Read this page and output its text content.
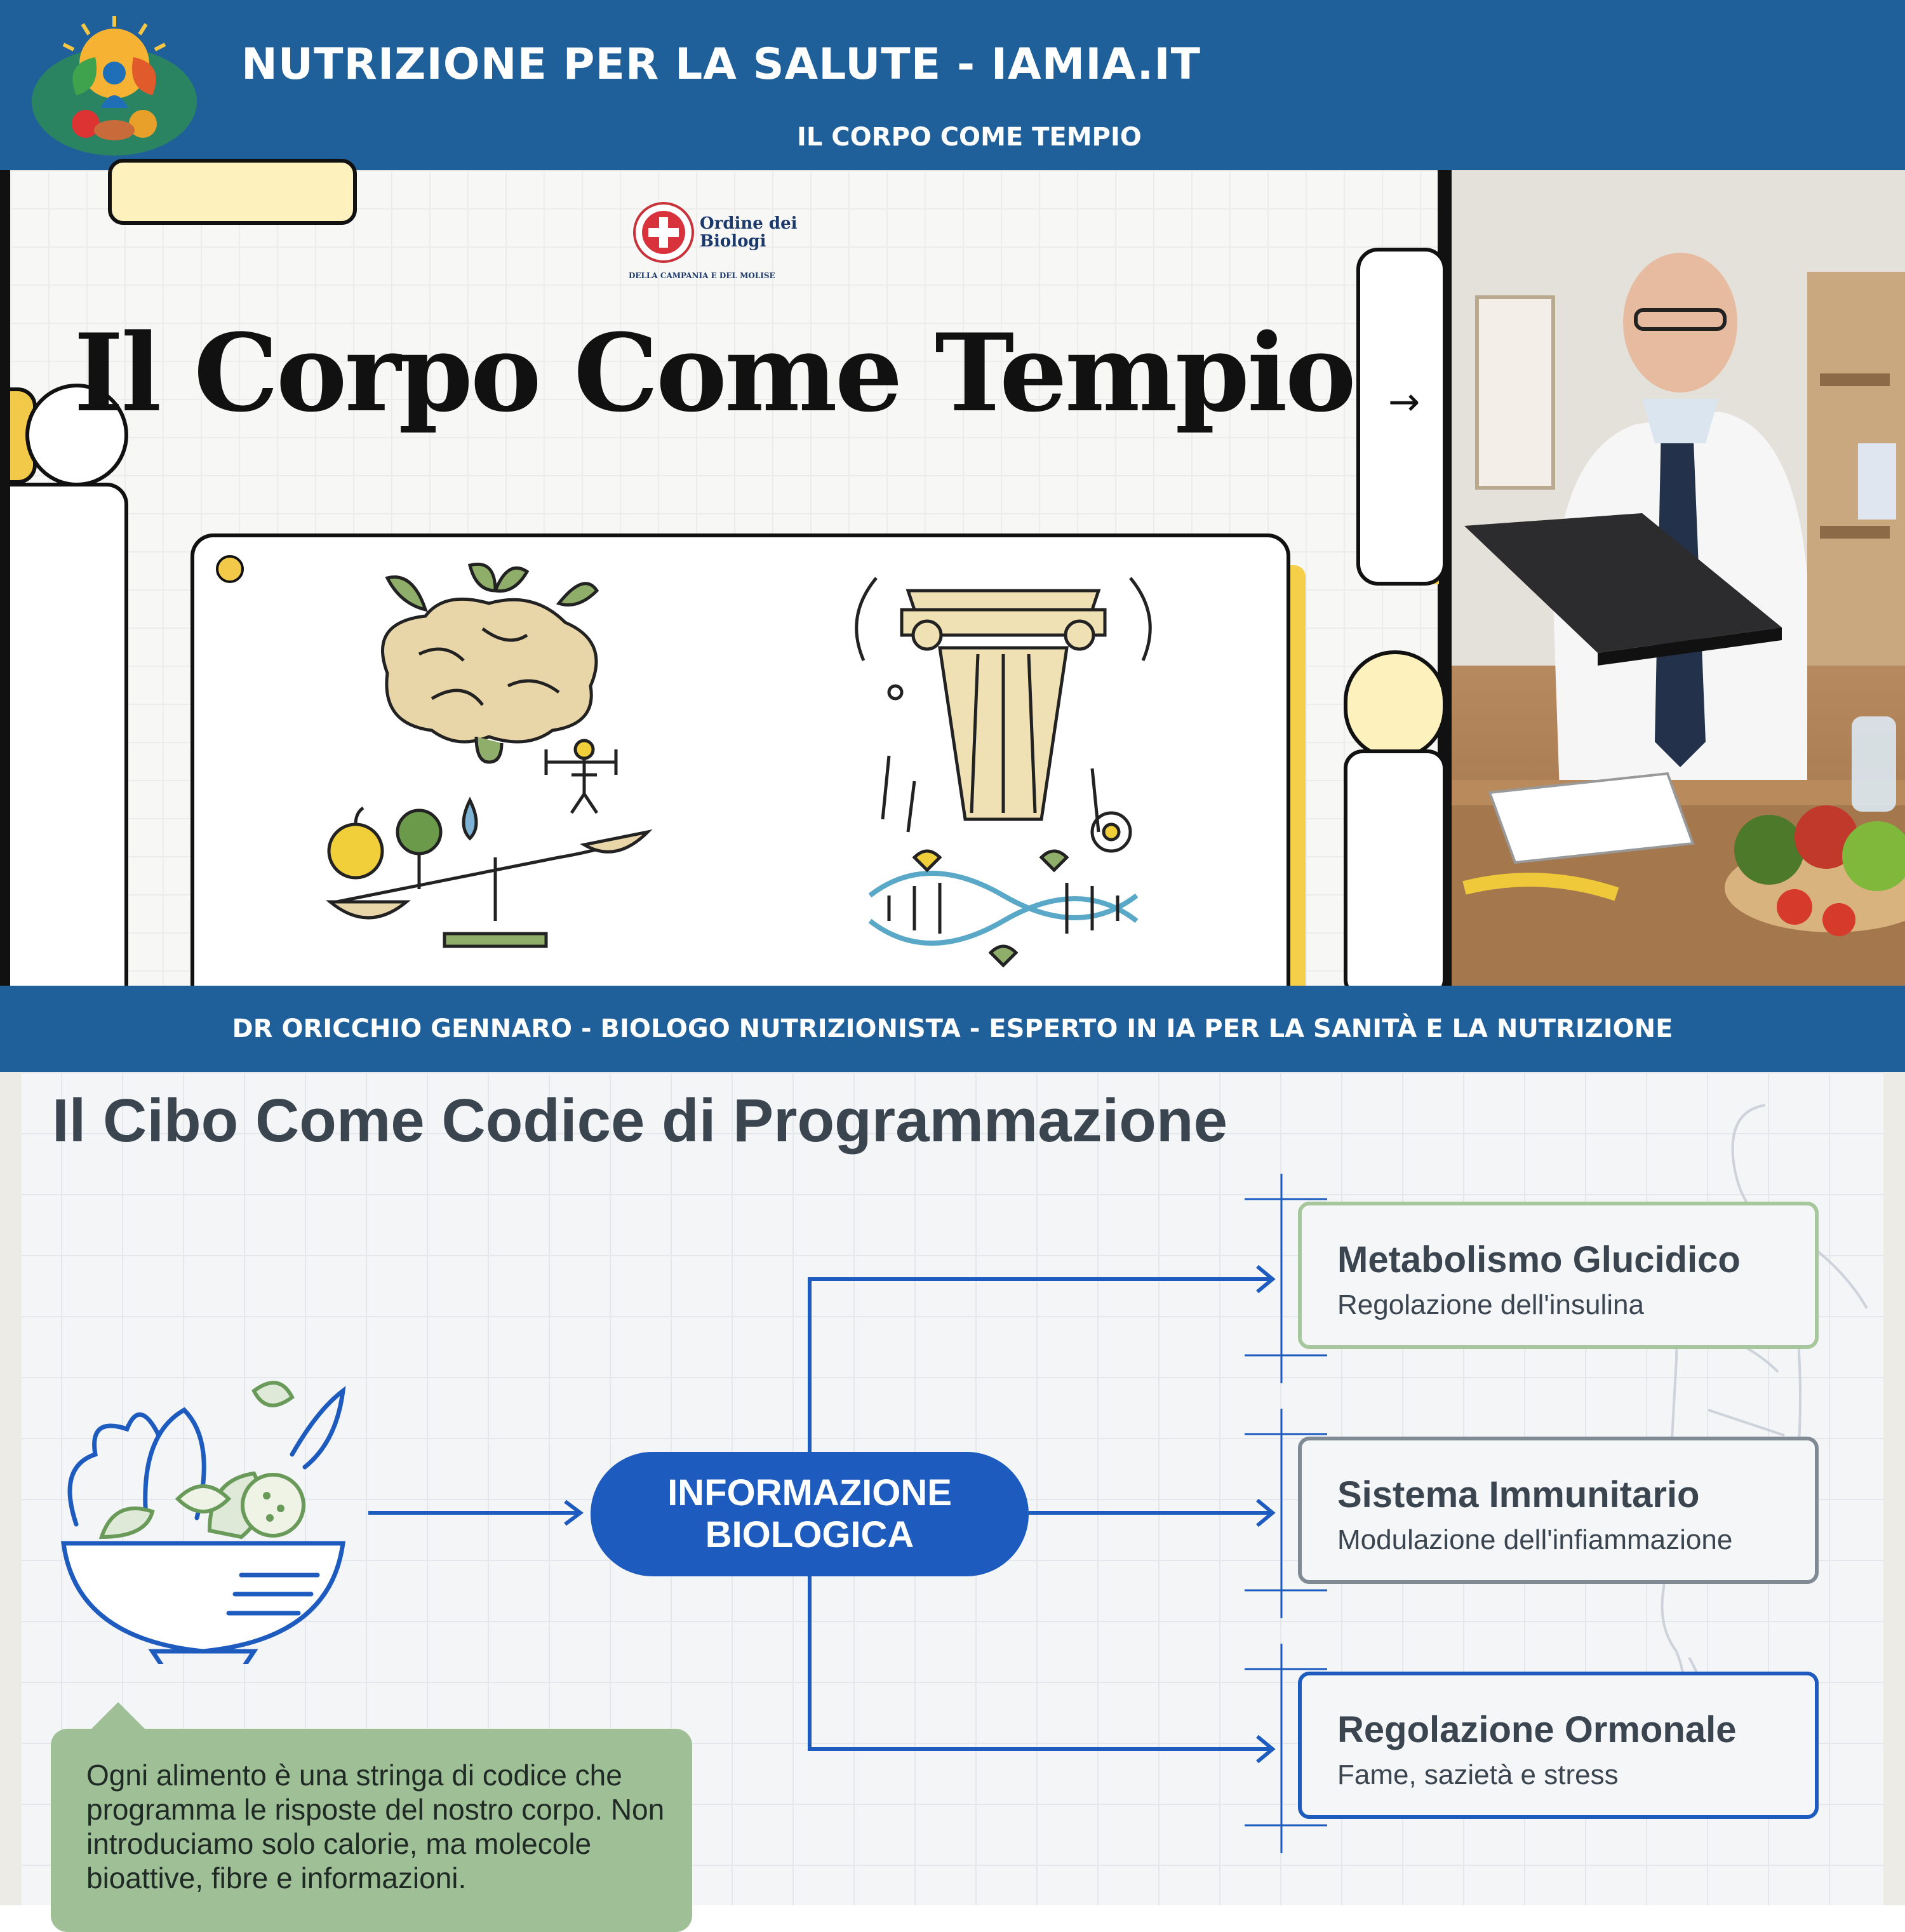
NUTRIZIONE PER LA SALUTE - IAMIA.IT
IL CORPO COME TEMPIO
→
Ordine dei
Biologi
DELLA CAMPANIA E DEL MOLISE
Il Corpo Come Tempio
DR ORICCHIO GENNARO - BIOLOGO NUTRIZIONISTA - ESPERTO IN IA PER LA SANITÀ E LA NUTRIZIONE
Il Cibo Come Codice di Programmazione
INFORMAZIONE
BIOLOGICA
Metabolismo Glucidico
Regolazione dell'insulina
Sistema Immunitario
Modulazione dell'infiammazione
Regolazione Ormonale
Fame, sazietà e stress
Ogni alimento è una stringa di codice che programma le risposte del nostro corpo. Non introduciamo solo calorie, ma molecole bioattive, fibre e informazioni.
